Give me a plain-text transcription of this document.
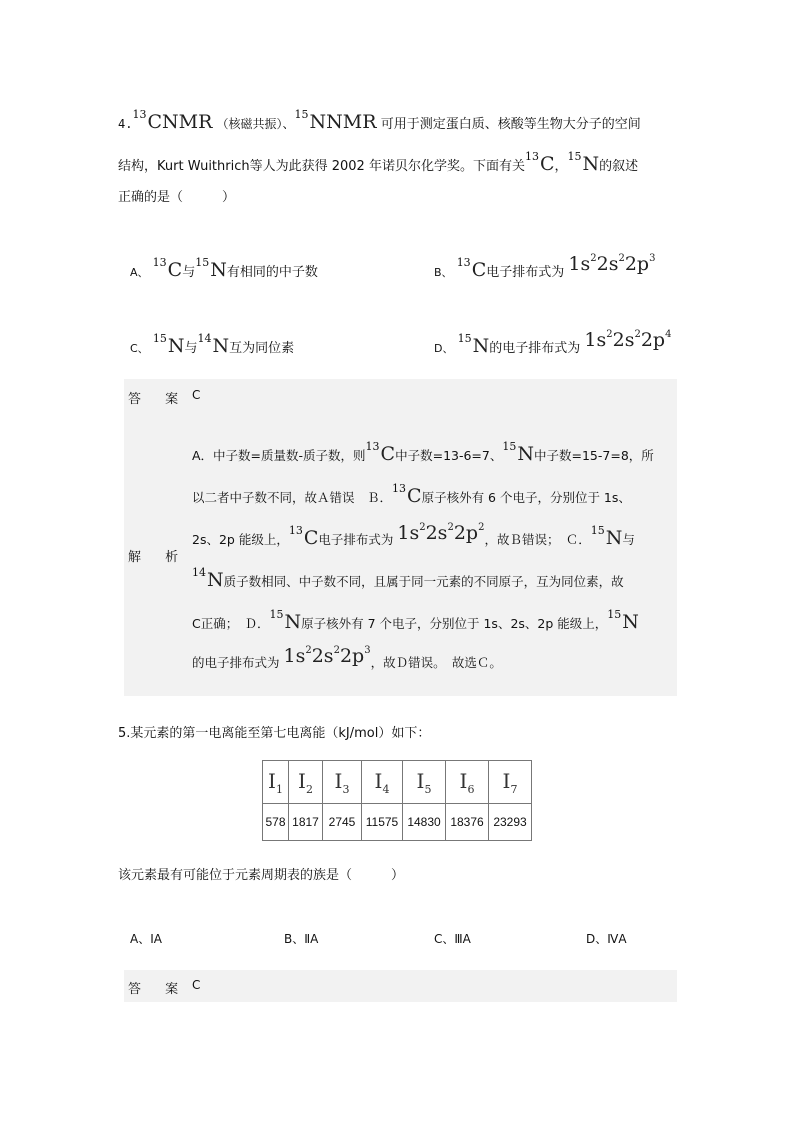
4.13CNMR （核磁共振）、$^{15}$NNMR 可用于测定蛋白质、核酸等生物大分子的空间
结构，Kurt Wuithrich等人为此获得 2002 年诺贝尔化学奖。下面有关$^{13}$C，$^{15}$N的叙述
正确的是（　　　）
A、 $^{13}$C与$^{15}$N有相同的中子数	B、 $^{13}$C电子排布式为 $1s^22s^22p^3$
C、 $^{15}$N与$^{14}$N互为同位素	D、 $^{15}$N的电子排布式为 $1s^22s^22p^4$
答 案 C
解 析
A．中子数=质量数-质子数，则$^{13}$C中子数=13-6=7、$^{15}$N中子数=15-7=8，所
以二者中子数不同，故Ａ错误　Ｂ．$^{13}$C原子核外有 6 个电子，分别位于 1s、
2s、2p 能级上，$^{13}$C电子排布式为 $1s^22s^22p^2$，故Ｂ错误；　Ｃ．$^{15}$N与
$^{14}$N质子数相同、中子数不同，且属于同一元素的不同原子，互为同位素，故
C正确；　Ｄ．$^{15}$N原子核外有 7 个电子，分别位于 1s、2s、2p 能级上，$^{15}$N
的电子排布式为 $1s^22s^22p^3$，故Ｄ错误。　故选Ｃ。
5.某元素的第一电离能至第七电离能（kJ/mol）如下：
$I_1$	$I_2$	$I_3$	$I_4$	$I_5$	$I_6$	$I_7$
578	1817	2745	11575	14830	18376	23293
该元素最有可能位于元素周期表的族是（　　　）
A、ⅠA	B、ⅡA	C、ⅢA	D、ⅣA
答 案 C
